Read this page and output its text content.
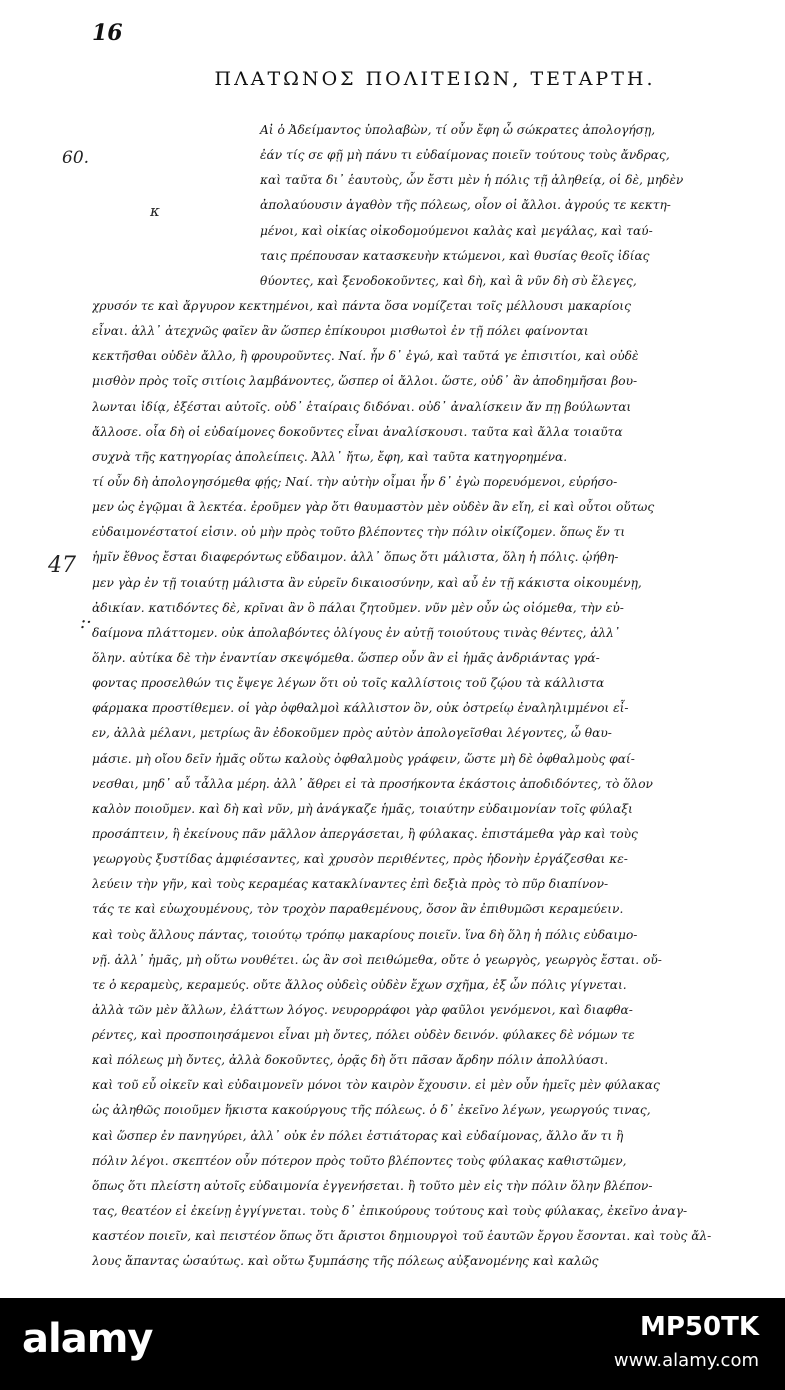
16
ΠΛΑΤΩΝΟΣ ΠΟΛΙΤΕΙΩΝ, ΤΕΤΑΡΤΗ.
60.
κ
47
:·
Αἰ ὁ Ἀδείμαντος ὑπολαβὼν, τί οὖν ἔφη ὦ σώκρατες ἀπολογήσῃ,
ἐάν τίς σε φῇ μὴ πάνυ τι εὐδαίμονας ποιεῖν τούτους τοὺς ἄνδρας,
καὶ ταῦτα δι᾽ ἑαυτοὺς, ὧν ἔστι μὲν ἡ πόλις τῇ ἀληθείᾳ, οἱ δὲ, μηδὲν
ἀπολαύουσιν ἀγαθὸν τῆς πόλεως, οἷον οἱ ἄλλοι. ἀγρούς τε κεκτη-
μένοι, καὶ οἰκίας οἰκοδομούμενοι καλὰς καὶ μεγάλας, καὶ ταύ-
ταις πρέπουσαν κατασκευὴν κτώμενοι, καὶ θυσίας θεοῖς ἰδίας
θύοντες, καὶ ξενοδοκοῦντες, καὶ δὴ, καὶ ἃ νῦν δὴ σὺ ἔλεγες,
χρυσόν τε καὶ ἄργυρον κεκτημένοι, καὶ πάντα ὅσα νομίζεται τοῖς μέλλουσι μακαρίοις
εἶναι. ἀλλ᾽ ἀτεχνῶς φαῖεν ἂν ὥσπερ ἐπίκουροι μισθωτοὶ ἐν τῇ πόλει φαίνονται
κεκτῆσθαι οὐδὲν ἄλλο, ἢ φρουροῦντες. Ναί. ἦν δ᾽ ἐγώ, καὶ ταῦτά γε ἐπισιτίοι, καὶ οὐδὲ
μισθὸν πρὸς τοῖς σιτίοις λαμβάνοντες, ὥσπερ οἱ ἄλλοι. ὥστε, οὐδ᾽ ἂν ἀποδημῆσαι βου-
λωνται ἰδίᾳ, ἐξέσται αὐτοῖς. οὐδ᾽ ἑταίραις διδόναι. οὐδ᾽ ἀναλίσκειν ἄν πῃ βούλωνται
ἄλλοσε. οἷα δὴ οἱ εὐδαίμονες δοκοῦντες εἶναι ἀναλίσκουσι. ταῦτα καὶ ἄλλα τοιαῦτα
συχνὰ τῆς κατηγορίας ἀπολείπεις. Ἀλλ᾽ ἤτω, ἔφη, καὶ ταῦτα κατηγορημένα.
τί οὖν δὴ ἀπολογησόμεθα φῄς; Ναί. τὴν αὐτὴν οἶμαι ἦν δ᾽ ἐγὼ πορευόμενοι, εὑρήσο-
μεν ὡς ἐγῷμαι ἃ λεκτέα. ἐροῦμεν γὰρ ὅτι θαυμαστὸν μὲν οὐδὲν ἂν εἴη, εἰ καὶ οὗτοι οὕτως
εὐδαιμονέστατοί εἰσιν. οὐ μὴν πρὸς τοῦτο βλέποντες τὴν πόλιν οἰκίζομεν. ὅπως ἕν τι
ἡμῖν ἔθνος ἔσται διαφερόντως εὔδαιμον. ἀλλ᾽ ὅπως ὅτι μάλιστα, ὅλη ἡ πόλις. ᾠήθη-
μεν γὰρ ἐν τῇ τοιαύτῃ μάλιστα ἂν εὑρεῖν δικαιοσύνην, καὶ αὖ ἐν τῇ κάκιστα οἰκουμένῃ,
ἀδικίαν. κατιδόντες δὲ, κρῖναι ἂν ὃ πάλαι ζητοῦμεν. νῦν μὲν οὖν ὡς οἰόμεθα, τὴν εὐ-
δαίμονα πλάττομεν. οὐκ ἀπολαβόντες ὀλίγους ἐν αὐτῇ τοιούτους τινὰς θέντες, ἀλλ᾽
ὅλην. αὐτίκα δὲ τὴν ἐναντίαν σκεψόμεθα. ὥσπερ οὖν ἂν εἰ ἡμᾶς ἀνδριάντας γρά-
φοντας προσελθών τις ἔψεγε λέγων ὅτι οὐ τοῖς καλλίστοις τοῦ ζῴου τὰ κάλλιστα
φάρμακα προστίθεμεν. οἱ γὰρ ὀφθαλμοὶ κάλλιστον ὂν, οὐκ ὀστρείῳ ἐναληλιμμένοι εἶ-
εν, ἀλλὰ μέλανι, μετρίως ἂν ἐδοκοῦμεν πρὸς αὐτὸν ἀπολογεῖσθαι λέγοντες, ὦ θαυ-
μάσιε. μὴ οἴου δεῖν ἡμᾶς οὕτω καλοὺς ὀφθαλμοὺς γράφειν, ὥστε μὴ δὲ ὀφθαλμοὺς φαί-
νεσθαι, μηδ᾽ αὖ τἆλλα μέρη. ἀλλ᾽ ἄθρει εἰ τὰ προσήκοντα ἑκάστοις ἀποδιδόντες, τὸ ὅλον
καλὸν ποιοῦμεν. καὶ δὴ καὶ νῦν, μὴ ἀνάγκαζε ἡμᾶς, τοιαύτην εὐδαιμονίαν τοῖς φύλαξι
προσάπτειν, ἣ ἐκείνους πᾶν μᾶλλον ἀπεργάσεται, ἢ φύλακας. ἐπιστάμεθα γὰρ καὶ τοὺς
γεωργοὺς ξυστίδας ἀμφιέσαντες, καὶ χρυσὸν περιθέντες, πρὸς ἡδονὴν ἐργάζεσθαι κε-
λεύειν τὴν γῆν, καὶ τοὺς κεραμέας κατακλίναντες ἐπὶ δεξιὰ πρὸς τὸ πῦρ διαπίνον-
τάς τε καὶ εὐωχουμένους, τὸν τροχὸν παραθεμένους, ὅσον ἂν ἐπιθυμῶσι κεραμεύειν.
καὶ τοὺς ἄλλους πάντας, τοιούτῳ τρόπῳ μακαρίους ποιεῖν. ἵνα δὴ ὅλη ἡ πόλις εὐδαιμο-
νῇ. ἀλλ᾽ ἡμᾶς, μὴ οὕτω νουθέτει. ὡς ἂν σοὶ πειθώμεθα, οὔτε ὁ γεωργὸς, γεωργὸς ἔσται. οὔ-
τε ὁ κεραμεὺς, κεραμεύς. οὔτε ἄλλος οὐδεὶς οὐδὲν ἔχων σχῆμα, ἐξ ὧν πόλις γίγνεται.
ἀλλὰ τῶν μὲν ἄλλων, ἐλάττων λόγος. νευρορράφοι γὰρ φαῦλοι γενόμενοι, καὶ διαφθα-
ρέντες, καὶ προσποιησάμενοι εἶναι μὴ ὄντες, πόλει οὐδὲν δεινόν. φύλακες δὲ νόμων τε
καὶ πόλεως μὴ ὄντες, ἀλλὰ δοκοῦντες, ὁρᾷς δὴ ὅτι πᾶσαν ἄρδην πόλιν ἀπολλύασι.
καὶ τοῦ εὖ οἰκεῖν καὶ εὐδαιμονεῖν μόνοι τὸν καιρὸν ἔχουσιν. εἰ μὲν οὖν ἡμεῖς μὲν φύλακας
ὡς ἀληθῶς ποιοῦμεν ἥκιστα κακούργους τῆς πόλεως. ὁ δ᾽ ἐκεῖνο λέγων, γεωργούς τινας,
καὶ ὥσπερ ἐν πανηγύρει, ἀλλ᾽ οὐκ ἐν πόλει ἑστιάτορας καὶ εὐδαίμονας, ἄλλο ἄν τι ἢ
πόλιν λέγοι. σκεπτέον οὖν πότερον πρὸς τοῦτο βλέποντες τοὺς φύλακας καθιστῶμεν,
ὅπως ὅτι πλείστη αὐτοῖς εὐδαιμονία ἐγγενήσεται. ἢ τοῦτο μὲν εἰς τὴν πόλιν ὅλην βλέπον-
τας, θεατέον εἰ ἐκείνῃ ἐγγίγνεται. τοὺς δ᾽ ἐπικούρους τούτους καὶ τοὺς φύλακας, ἐκεῖνο ἀναγ-
καστέον ποιεῖν, καὶ πειστέον ὅπως ὅτι ἄριστοι δημιουργοὶ τοῦ ἑαυτῶν ἔργου ἔσονται. καὶ τοὺς ἄλ-
λους ἅπαντας ὡσαύτως. καὶ οὕτω ξυμπάσης τῆς πόλεως αὐξανομένης καὶ καλῶς
alamy	MP50TK
www.alamy.com
